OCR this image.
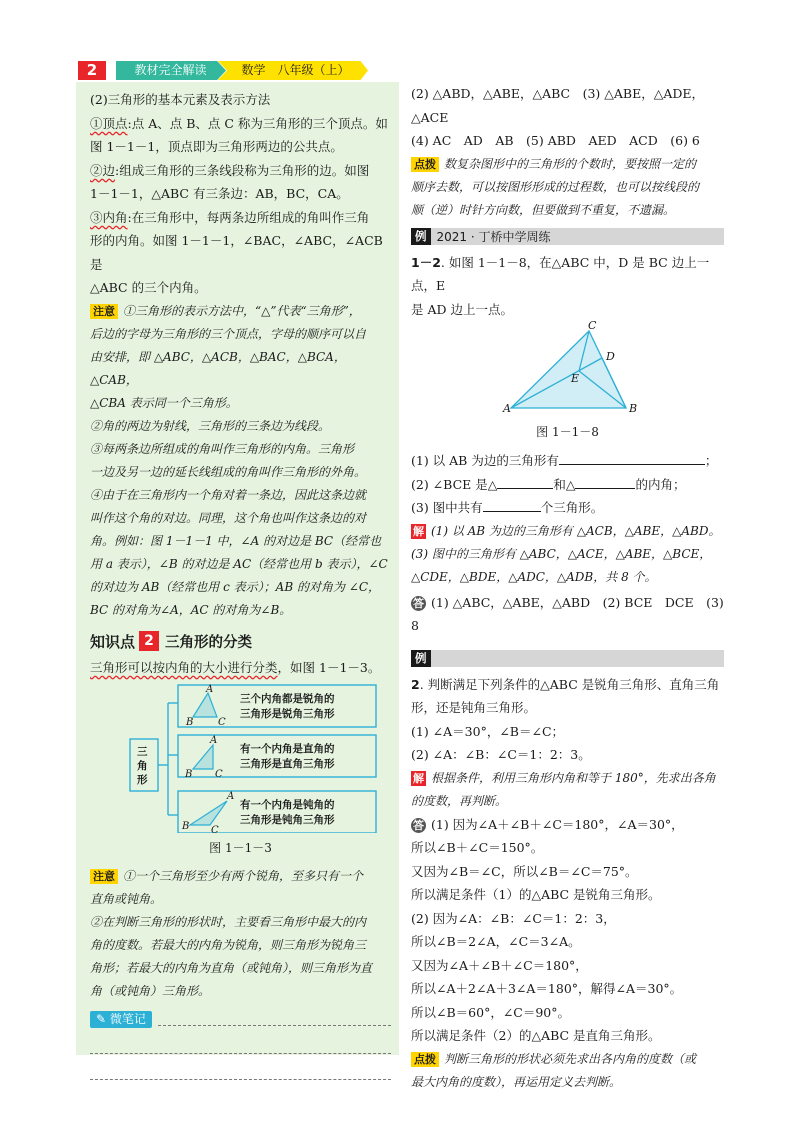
2	教材完全解读	数学　八年级（上）
(2)三角形的基本元素及表示方法
①顶点:点 A、点 B、点 C 称为三角形的三个顶点。如
图 1－1－1，顶点即为三角形两边的公共点。
②边:组成三角形的三条线段称为三角形的边。如图
1－1－1，△ABC 有三条边：AB，BC，CA。
③内角:在三角形中，每两条边所组成的角叫作三角
形的内角。如图 1－1－1，∠BAC，∠ABC，∠ACB 是
△ABC 的三个内角。
注意 ①三角形的表示方法中，“△”代表“三角形”，
后边的字母为三角形的三个顶点，字母的顺序可以自
由安排，即 △ABC，△ACB，△BAC，△BCA，△CAB，
△CBA 表示同一个三角形。
②角的两边为射线，三角形的三条边为线段。
③每两条边所组成的角叫作三角形的内角。三角形
一边及另一边的延长线组成的角叫作三角形的外角。
④由于在三角形内一个角对着一条边，因此这条边就
叫作这个角的对边。同理，这个角也叫作这条边的对
角。例如：图 1－1－1 中，∠A 的对边是 BC（经常也
用 a 表示），∠B 的对边是 AC（经常也用 b 表示），∠C
的对边为 AB（经常也用 c 表示）；AB 的对角为 ∠C，
BC 的对角为∠A，AC 的对角为∠B。
知识点 2 三角形的分类
三角形可以按内角的大小进行分类，如图 1－1－3。
A
B C
A
B C
A
B C
三
角
形
三个内角都是锐角的
三角形是锐角三角形
有一个内角是直角的
三角形是直角三角形
有一个内角是钝角的
三角形是钝角三角形
图 1－1－3
注意 ①一个三角形至少有两个锐角，至多只有一个
直角或钝角。
②在判断三角形的形状时，主要看三角形中最大的内
角的度数。若最大的内角为锐角，则三角形为锐角三
角形；若最大的内角为直角（或钝角），则三角形为直
角（或钝角）三角形。
✎ 微笔记
(2) △ABD，△ABE，△ABC　(3) △ABE，△ADE，△ACE
(4) AC　AD　AB　(5) ABD　AED　ACD　(6) 6
点拨 数复杂图形中的三角形的个数时，要按照一定的
顺序去数，可以按图形形成的过程数，也可以按线段的
顺（逆）时针方向数，但要做到不重复，不遗漏。
例 2021 · 丁桥中学周练
1－2. 如图 1－1－8，在△ABC 中，D 是 BC 边上一点，E
是 AD 边上一点。
A	B
C
D
E
图 1－1－8
(1) 以 AB 为边的三角形有	；
(2) ∠BCE 是△	和△	的内角；
(3) 图中共有	个三角形。
解 (1) 以 AB 为边的三角形有 △ACB，△ABE，△ABD。
(3) 图中的三角形有 △ABC，△ACE，△ABE，△BCE，
△CDE，△BDE，△ADC，△ADB，共 8 个。
答 (1) △ABC，△ABE，△ABD　(2) BCE　DCE　(3) 8
例
2. 判断满足下列条件的△ABC 是锐角三角形、直角三角
形，还是钝角三角形。
(1) ∠A＝30°，∠B＝∠C；
(2) ∠A：∠B：∠C＝1：2：3。
解 根据条件，利用三角形内角和等于 180°，先求出各角
的度数，再判断。
答 (1) 因为∠A＋∠B＋∠C＝180°，∠A＝30°，
所以∠B＋∠C＝150°。
又因为∠B＝∠C，所以∠B＝∠C＝75°。
所以满足条件（1）的△ABC 是锐角三角形。
(2) 因为∠A：∠B：∠C＝1：2：3，
所以∠B＝2∠A，∠C＝3∠A。
又因为∠A＋∠B＋∠C＝180°，
所以∠A＋2∠A＋3∠A＝180°，解得∠A＝30°。
所以∠B＝60°，∠C＝90°。
所以满足条件（2）的△ABC 是直角三角形。
点拨 判断三角形的形状必须先求出各内角的度数（或
最大内角的度数），再运用定义去判断。
